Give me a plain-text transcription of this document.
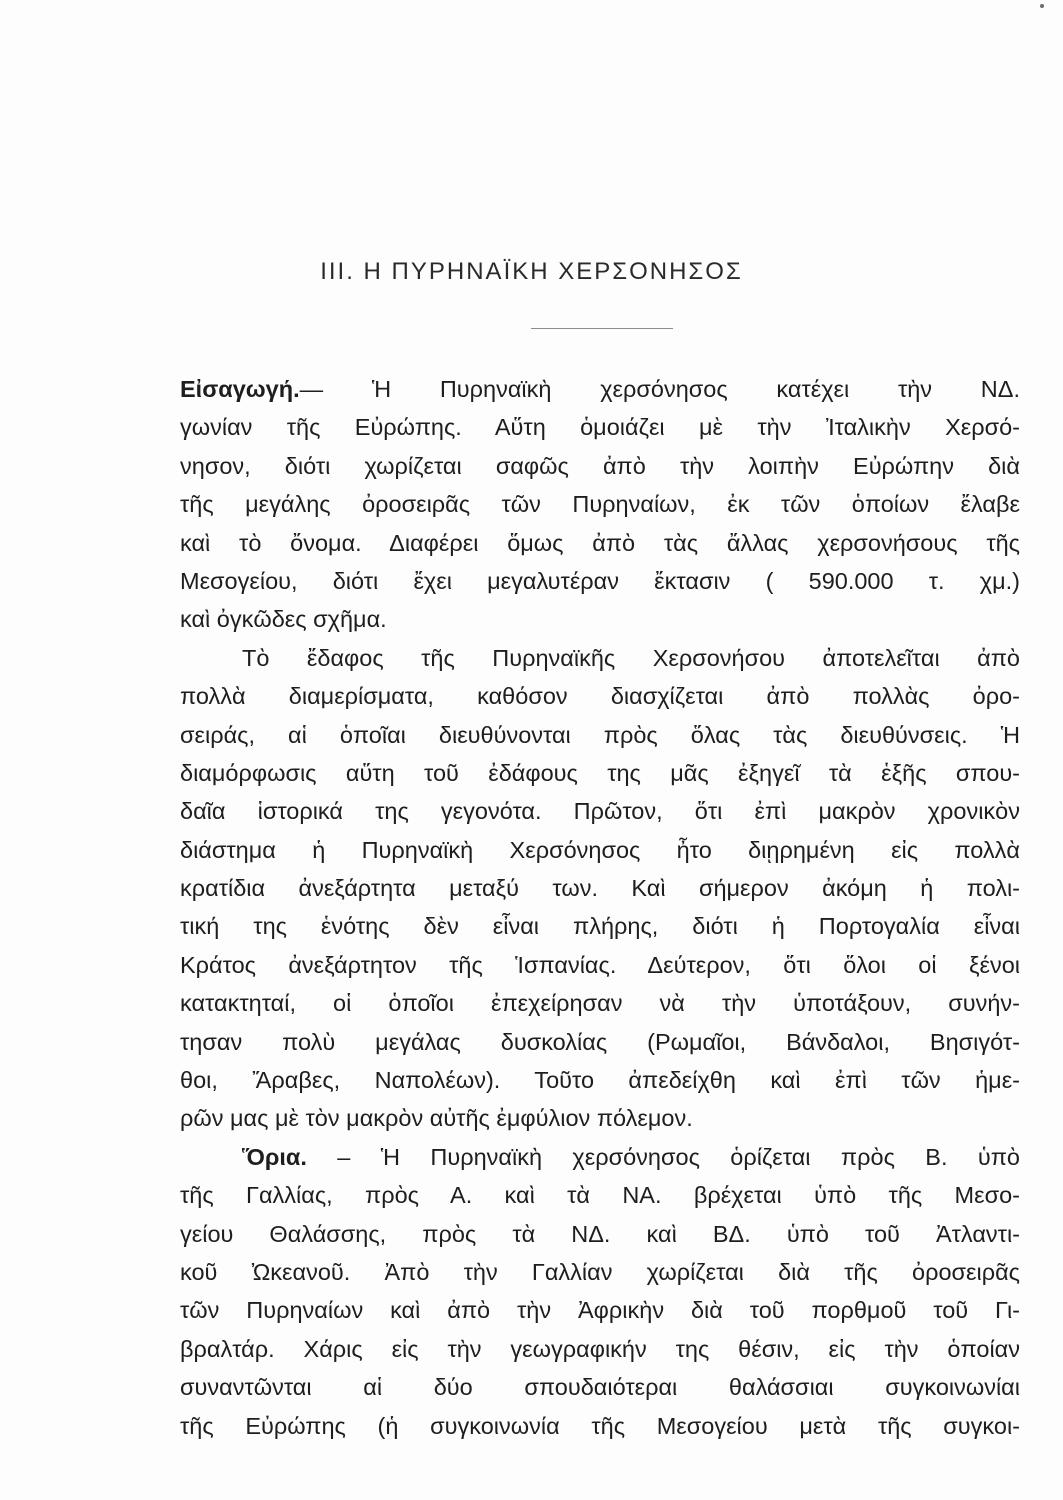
III. Η ΠΥΡΗΝΑΪΚΗ ΧΕΡΣΟΝΗΣΟΣ
Εἰσαγωγή.— Ἡ Πυρηναϊκὴ χερσόνησος κατέχει τὴν ΝΔ.
γωνίαν τῆς Εὐρώπης. Αὕτη ὁμοιάζει μὲ τὴν Ἰταλικὴν Χερσό-
νησον, διότι χωρίζεται σαφῶς ἀπὸ τὴν λοιπὴν Εὐρώπην διὰ
τῆς μεγάλης ὀροσειρᾶς τῶν Πυρηναίων, ἐκ τῶν ὁποίων ἔλαβε
καὶ τὸ ὄνομα. Διαφέρει ὅμως ἀπὸ τὰς ἄλλας χερσονήσους τῆς
Μεσογείου, διότι ἔχει μεγαλυτέραν ἔκτασιν ( 590.000 τ. χμ.)
καὶ ὀγκῶδες σχῆμα.
Τὸ ἔδαφος τῆς Πυρηναϊκῆς Χερσονήσου ἀποτελεῖται ἀπὸ
πολλὰ διαμερίσματα, καθόσον διασχίζεται ἀπὸ πολλὰς ὀρο-
σειράς, αἱ ὁποῖαι διευθύνονται πρὸς ὅλας τὰς διευθύνσεις. Ἡ
διαμόρφωσις αὕτη τοῦ ἐδάφους της μᾶς ἐξηγεῖ τὰ ἑξῆς σπου-
δαῖα ἱστορικά της γεγονότα. Πρῶτον, ὅτι ἐπὶ μακρὸν χρονικὸν
διάστημα ἡ Πυρηναϊκὴ Χερσόνησος ἦτο διῃρημένη εἰς πολλὰ
κρατίδια ἀνεξάρτητα μεταξύ των. Καὶ σήμερον ἀκόμη ἡ πολι-
τική της ἑνότης δὲν εἶναι πλήρης, διότι ἡ Πορτογαλία εἶναι
Κράτος ἀνεξάρτητον τῆς Ἱσπανίας. Δεύτερον, ὅτι ὅλοι οἱ ξένοι
κατακτηταί, οἱ ὁποῖοι ἐπεχείρησαν νὰ τὴν ὑποτάξουν, συνήν-
τησαν πολὺ μεγάλας δυσκολίας (Ρωμαῖοι, Βάνδαλοι, Βησιγότ-
θοι, Ἄραβες, Ναπολέων). Τοῦτο ἀπεδείχθη καὶ ἐπὶ τῶν ἡμε-
ρῶν μας μὲ τὸν μακρὸν αὐτῆς ἐμφύλιον πόλεμον.
Ὅρια. – Ἡ Πυρηναϊκὴ χερσόνησος ὁρίζεται πρὸς Β. ὑπὸ
τῆς Γαλλίας, πρὸς Α. καὶ τὰ ΝΑ. βρέχεται ὑπὸ τῆς Μεσο-
γείου Θαλάσσης, πρὸς τὰ ΝΔ. καὶ ΒΔ. ὑπὸ τοῦ Ἀτλαντι-
κοῦ Ὠκεανοῦ. Ἀπὸ τὴν Γαλλίαν χωρίζεται διὰ τῆς ὀροσειρᾶς
τῶν Πυρηναίων καὶ ἀπὸ τὴν Ἀφρικὴν διὰ τοῦ πορθμοῦ τοῦ Γι-
βραλτάρ. Χάρις εἰς τὴν γεωγραφικήν της θέσιν, εἰς τὴν ὁποίαν
συναντῶνται αἱ δύο σπουδαιότεραι θαλάσσιαι συγκοινωνίαι
τῆς Εὐρώπης (ἡ συγκοινωνία τῆς Μεσογείου μετὰ τῆς συγκοι-
